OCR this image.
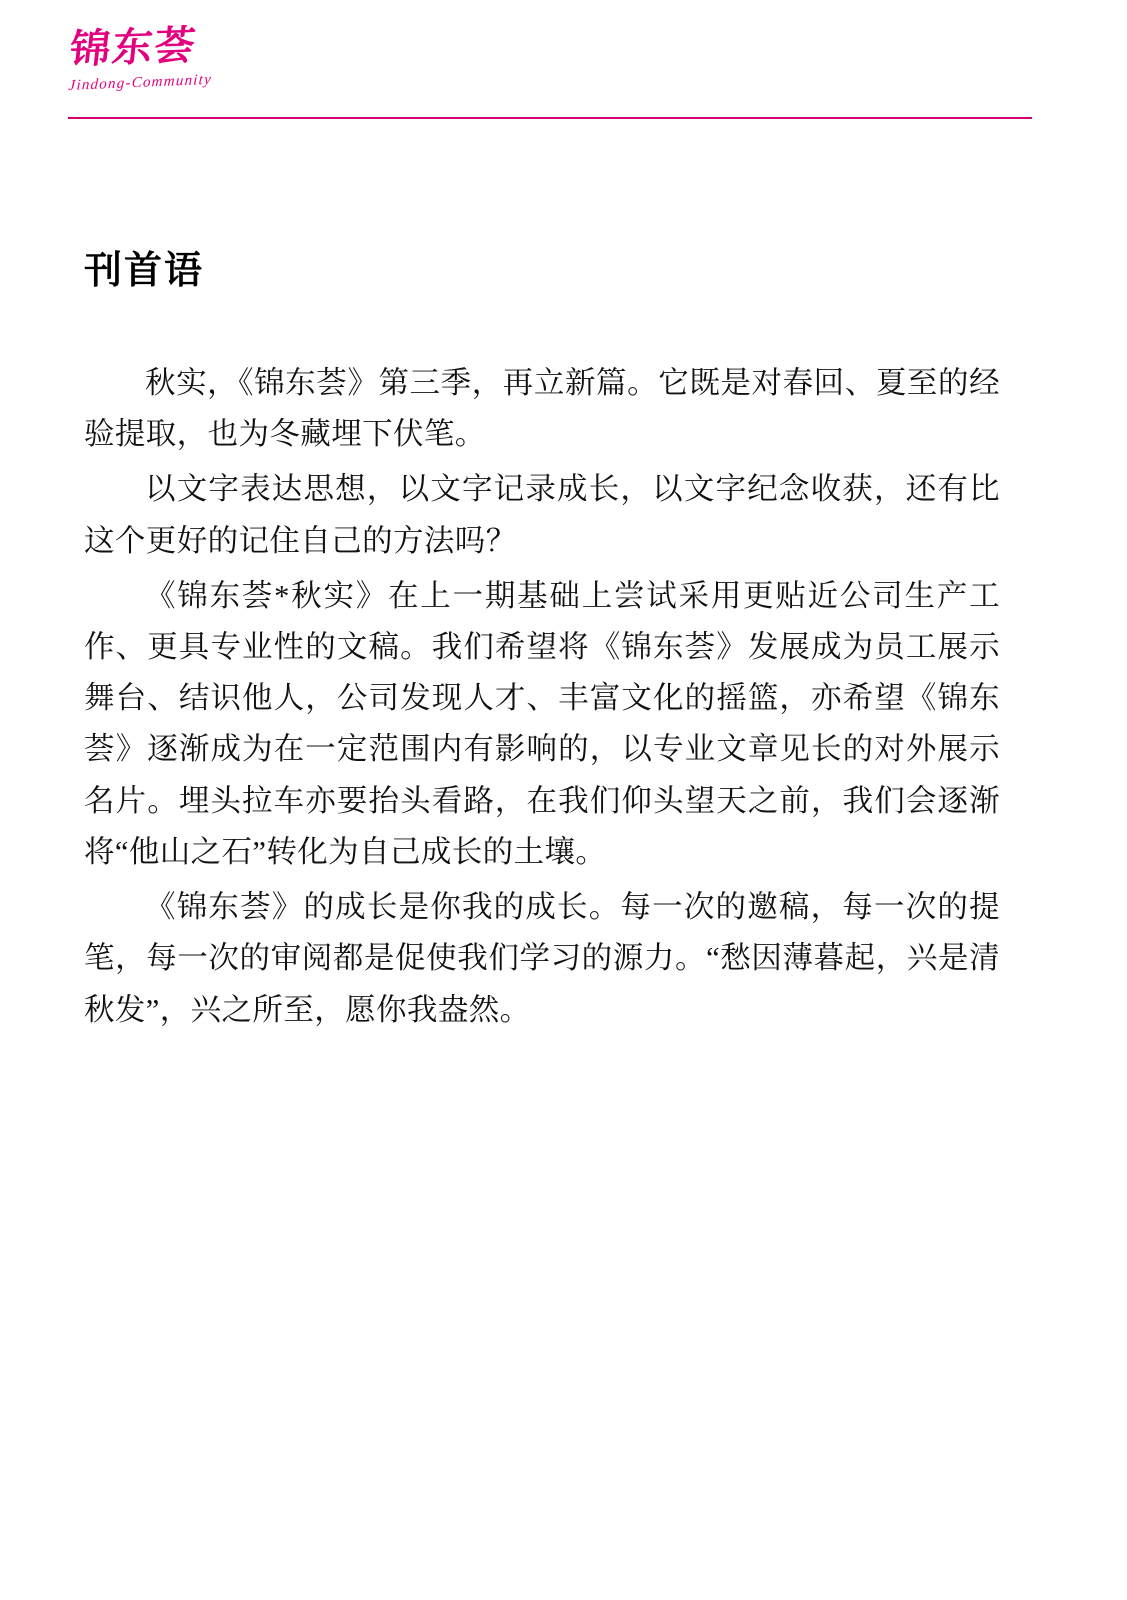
锦东荟
Jindong-Community
刊首语

秋实，《锦东荟》第三季，再立新篇。它既是对春回、夏至的经验提取，也为冬藏埋下伏笔。

以文字表达思想，以文字记录成长，以文字纪念收获，还有比这个更好的记住自己的方法吗？

《锦东荟*秋实》在上一期基础上尝试采用更贴近公司生产工作、更具专业性的文稿。我们希望将《锦东荟》发展成为员工展示舞台、结识他人，公司发现人才、丰富文化的摇篮，亦希望《锦东荟》逐渐成为在一定范围内有影响的，以专业文章见长的对外展示名片。埋头拉车亦要抬头看路，在我们仰头望天之前，我们会逐渐将“他山之石”转化为自己成长的土壤。

《锦东荟》的成长是你我的成长。每一次的邀稿，每一次的提笔，每一次的审阅都是促使我们学习的源力。“愁因薄暮起，兴是清秋发”，兴之所至，愿你我盎然。
